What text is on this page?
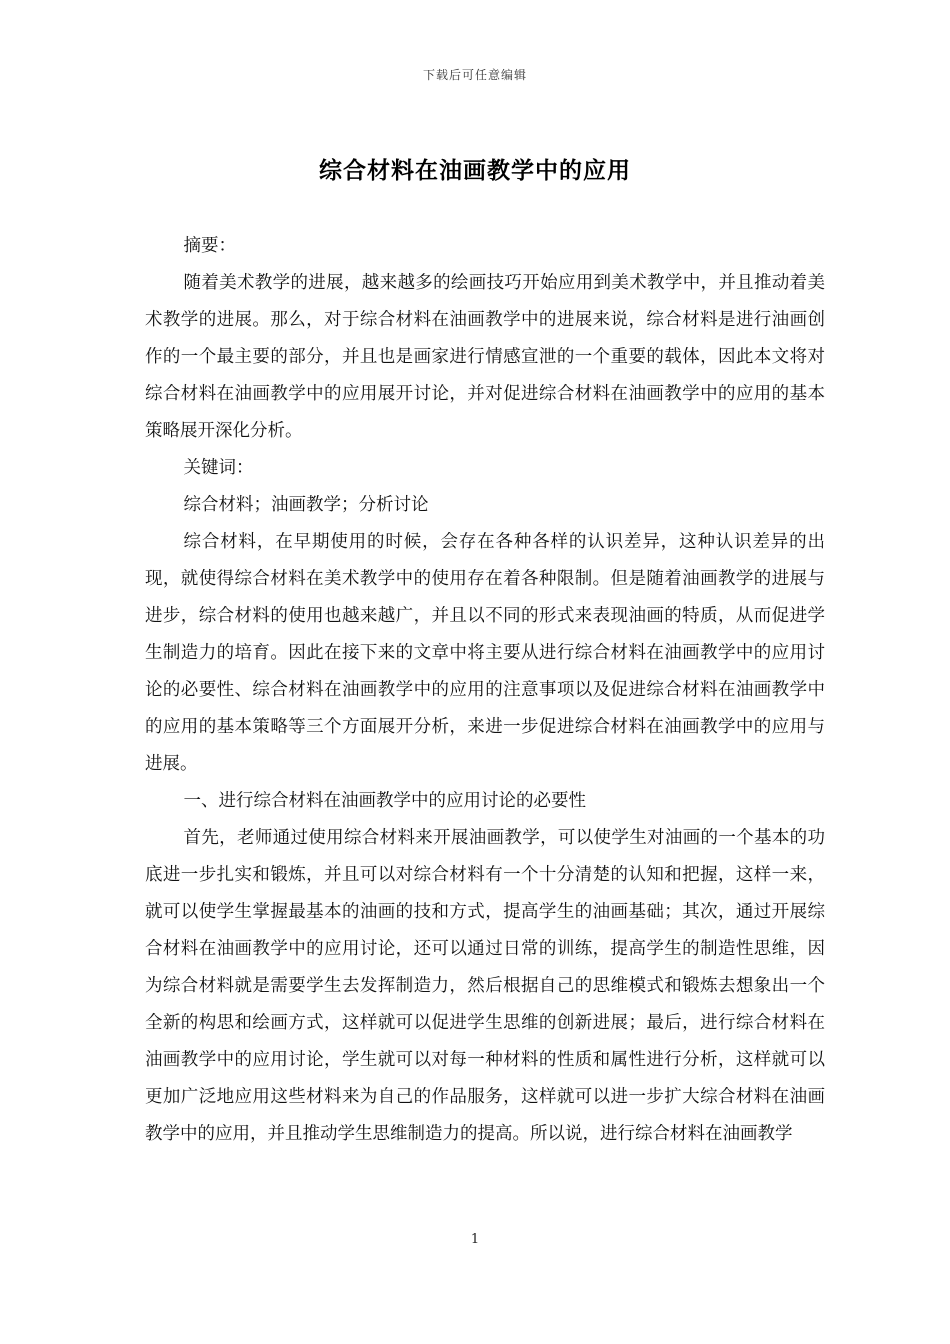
下载后可任意编辑
综合材料在油画教学中的应用

摘要：

随着美术教学的进展，越来越多的绘画技巧开始应用到美术教学中，并且推动着美术教学的进展。那么，对于综合材料在油画教学中的进展来说，综合材料是进行油画创作的一个最主要的部分，并且也是画家进行情感宣泄的一个重要的载体，因此本文将对综合材料在油画教学中的应用展开讨论，并对促进综合材料在油画教学中的应用的基本策略展开深化分析。

关键词：

综合材料；油画教学；分析讨论

综合材料，在早期使用的时候，会存在各种各样的认识差异，这种认识差异的出现，就使得综合材料在美术教学中的使用存在着各种限制。但是随着油画教学的进展与进步，综合材料的使用也越来越广，并且以不同的形式来表现油画的特质，从而促进学生制造力的培育。因此在接下来的文章中将主要从进行综合材料在油画教学中的应用讨论的必要性、综合材料在油画教学中的应用的注意事项以及促进综合材料在油画教学中的应用的基本策略等三个方面展开分析，来进一步促进综合材料在油画教学中的应用与进展。

一、进行综合材料在油画教学中的应用讨论的必要性

首先，老师通过使用综合材料来开展油画教学，可以使学生对油画的一个基本的功底进一步扎实和锻炼，并且可以对综合材料有一个十分清楚的认知和把握，这样一来，就可以使学生掌握最基本的油画的技和方式，提高学生的油画基础；其次，通过开展综合材料在油画教学中的应用讨论，还可以通过日常的训练，提高学生的制造性思维，因为综合材料就是需要学生去发挥制造力，然后根据自己的思维模式和锻炼去想象出一个全新的构思和绘画方式，这样就可以促进学生思维的创新进展；最后，进行综合材料在油画教学中的应用讨论，学生就可以对每一种材料的性质和属性进行分析，这样就可以更加广泛地应用这些材料来为自己的作品服务，这样就可以进一步扩大综合材料在油画教学中的应用，并且推动学生思维制造力的提高。所以说，进行综合材料在油画教学

1
